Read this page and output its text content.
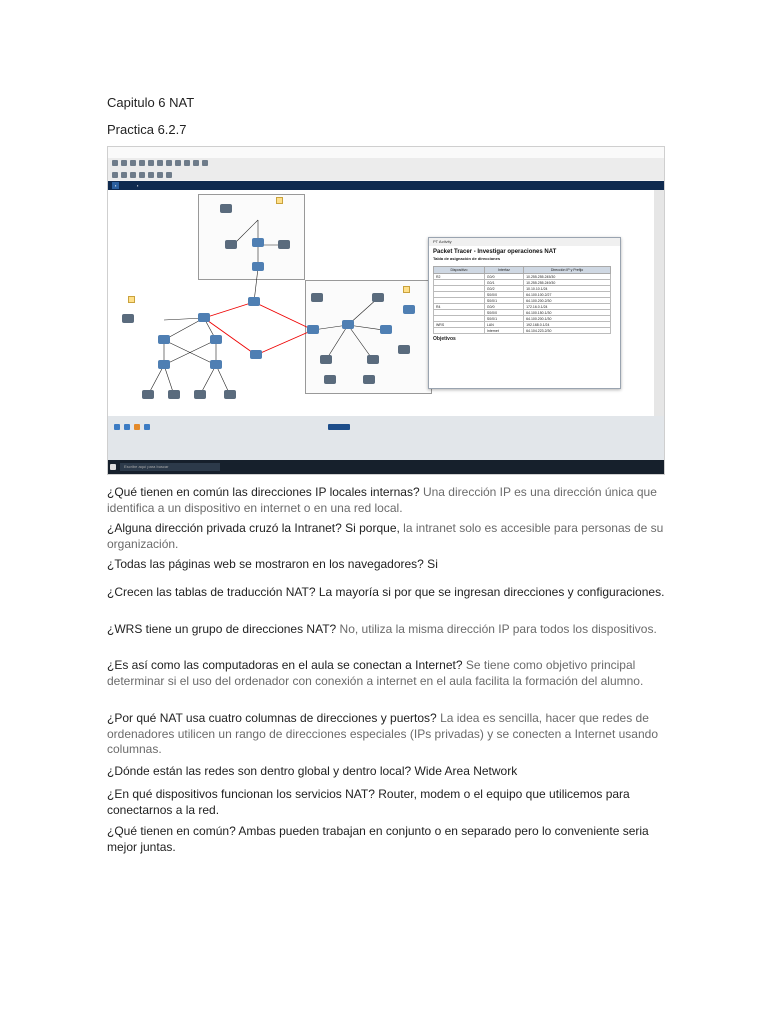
Capitulo 6 NAT
Practica 6.2.7
▪	▪

PT Activity
Packet Tracer - Investigar operaciones NAT
Tabla de asignación de direcciones

Dispositivo	Interfaz	Dirección IP y Prefijo
R2	G0/0	10.255.255.245/30
	G0/1	10.255.255.249/30
	G0/2	10.10.10.1/24
	S0/0/0	64.100.100.2/27
	S0/0/1	64.100.200.2/30
R4	G0/0	172.16.0.1/24
	S0/0/0	64.100.150.1/30
	S0/0/1	64.100.200.1/30
WRS	LAN	192.168.0.1/24
	Internet	64.104.223.2/30
Objetivos
Escribe aquí para buscar
¿Qué tienen en común las direcciones IP locales internas? Una dirección IP es una dirección única que identifica a un dispositivo en internet o en una red local.
¿Alguna dirección privada cruzó la Intranet? Si porque, la intranet solo es accesible para personas de su organización.
¿Todas las páginas web se mostraron en los navegadores? Si
¿Crecen las tablas de traducción NAT? La mayoría si por que se ingresan direcciones y configuraciones.
¿WRS tiene un grupo de direcciones NAT? No, utiliza la misma dirección IP para todos los dispositivos.
¿Es así como las computadoras en el aula se conectan a Internet? Se tiene como objetivo principal determinar si el uso del ordenador con conexión a internet en el aula facilita la formación del alumno.
¿Por qué NAT usa cuatro columnas de direcciones y puertos? La idea es sencilla, hacer que redes de ordenadores utilicen un rango de direcciones especiales (IPs privadas) y se conecten a Internet usando columnas.
¿Dónde están las redes son dentro global y dentro local? Wide Area Network
¿En qué dispositivos funcionan los servicios NAT? Router, modem o el equipo que utilicemos para conectarnos a la red.
¿Qué tienen en común? Ambas pueden trabajan en conjunto o en separado pero lo conveniente seria mejor juntas.
